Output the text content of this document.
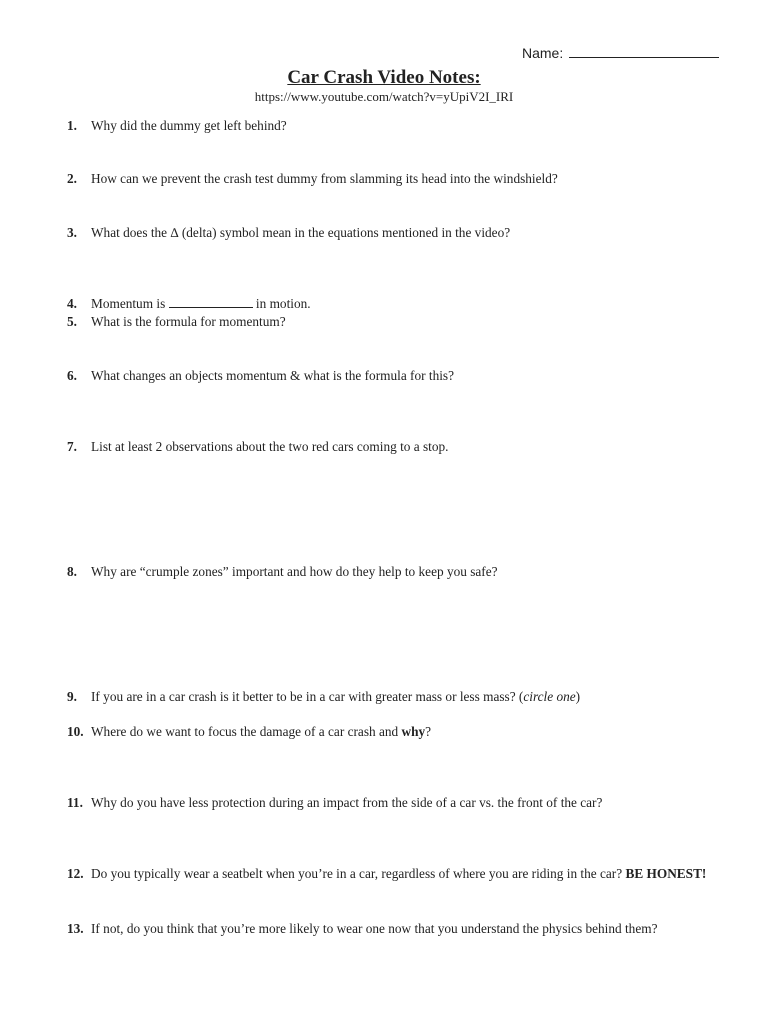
Name:
Car Crash Video Notes:
https://www.youtube.com/watch?v=yUpiV2I_IRI
1. Why did the dummy get left behind?
2. How can we prevent the crash test dummy from slamming its head into the windshield?
3. What does the ∆ (delta) symbol mean in the equations mentioned in the video?
4. Momentum is	in motion.
5. What is the formula for momentum?
6. What changes an objects momentum & what is the formula for this?
7. List at least 2 observations about the two red cars coming to a stop.
8. Why are “crumple zones” important and how do they help to keep you safe?
9. If you are in a car crash is it better to be in a car with greater mass or less mass? (circle one)
10. Where do we want to focus the damage of a car crash and why?
11. Why do you have less protection during an impact from the side of a car vs. the front of the car?
12. Do you typically wear a seatbelt when you’re in a car, regardless of where you are riding in the car? BE HONEST!
13. If not, do you think that you’re more likely to wear one now that you understand the physics behind them?
